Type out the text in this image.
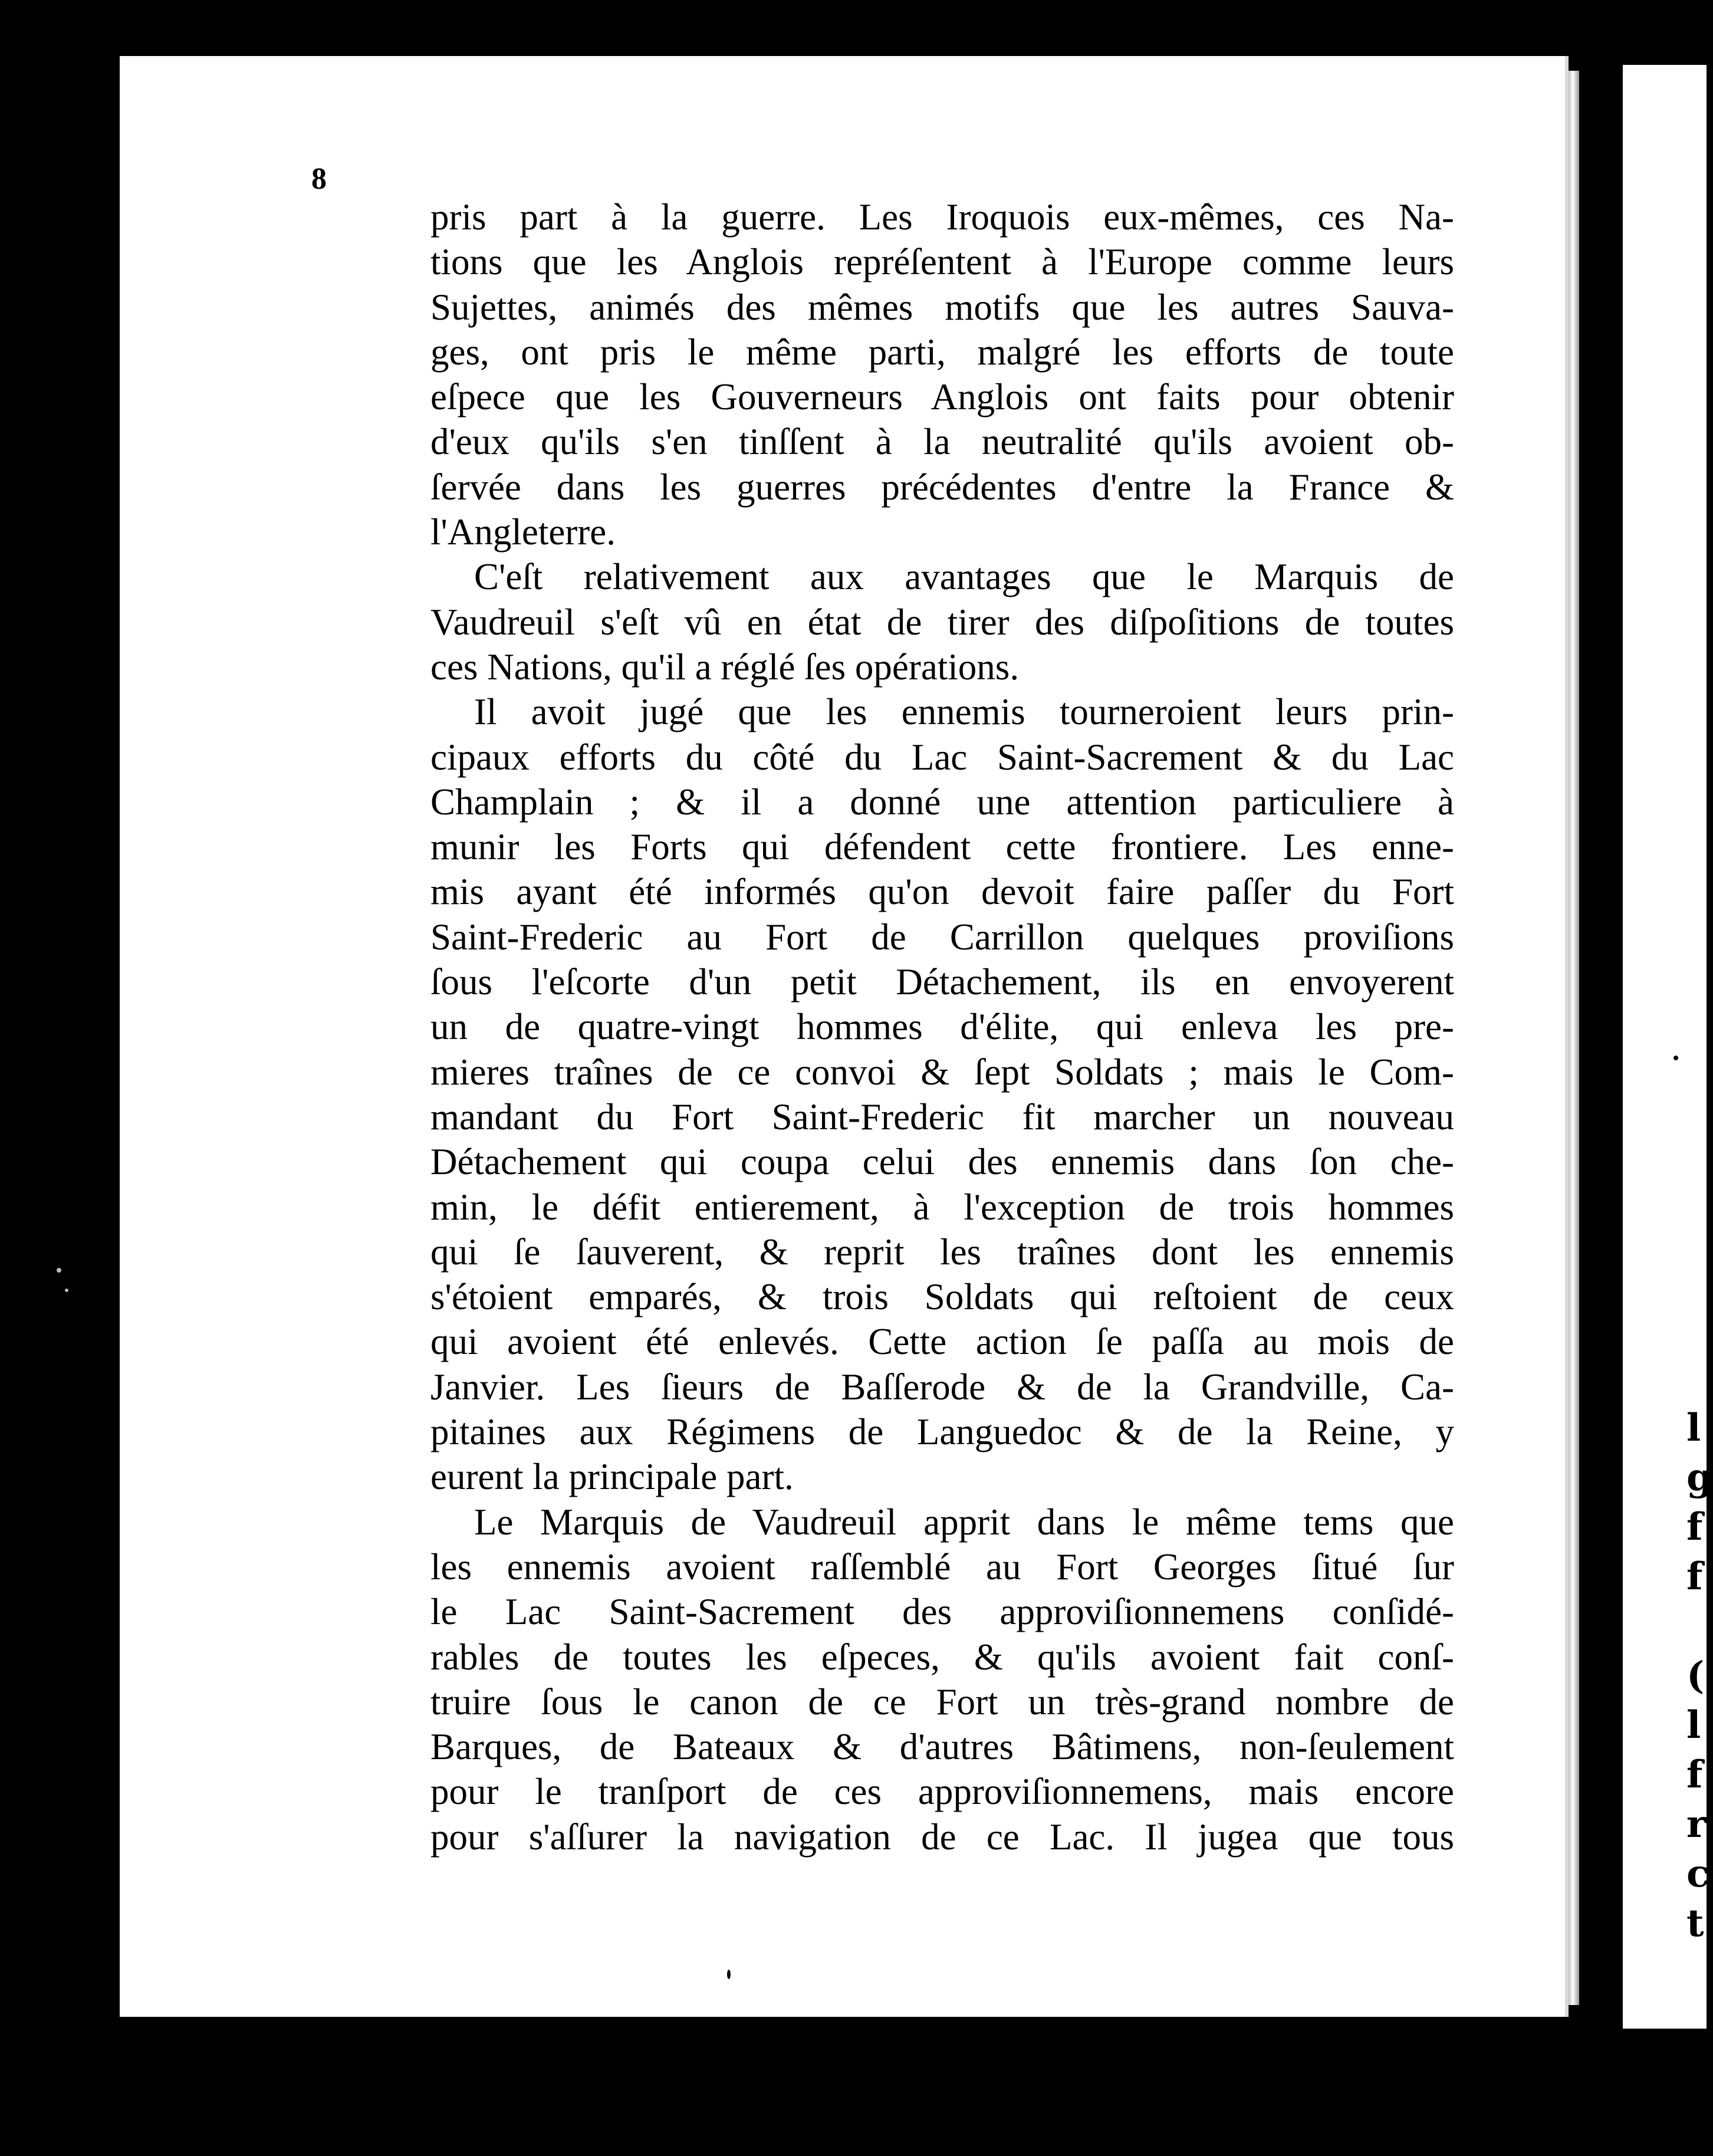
l
g
f
f

(
l
f
r
c
t
8
pris part à la guerre. Les Iroquois eux-mêmes, ces Na-
tions que les Anglois repréſentent à l'Europe comme leurs
Sujettes, animés des mêmes motifs que les autres Sauva-
ges, ont pris le même parti, malgré les efforts de toute
eſpece que les Gouverneurs Anglois ont faits pour obtenir
d'eux qu'ils s'en tinſſent à la neutralité qu'ils avoient ob-
ſervée dans les guerres précédentes d'entre la France &
l'Angleterre.
C'eſt relativement aux avantages que le Marquis de
Vaudreuil s'eſt vû en état de tirer des diſpoſitions de toutes
ces Nations, qu'il a réglé ſes opérations.
Il avoit jugé que les ennemis tourneroient leurs prin-
cipaux efforts du côté du Lac Saint-Sacrement & du Lac
Champlain ; & il a donné une attention particuliere à
munir les Forts qui défendent cette frontiere. Les enne-
mis ayant été informés qu'on devoit faire paſſer du Fort
Saint-Frederic au Fort de Carrillon quelques proviſions
ſous l'eſcorte d'un petit Détachement, ils en envoyerent
un de quatre-vingt hommes d'élite, qui enleva les pre-
mieres traînes de ce convoi & ſept Soldats ; mais le Com-
mandant du Fort Saint-Frederic fit marcher un nouveau
Détachement qui coupa celui des ennemis dans ſon che-
min, le défit entierement, à l'exception de trois hommes
qui ſe ſauverent, & reprit les traînes dont les ennemis
s'étoient emparés, & trois Soldats qui reſtoient de ceux
qui avoient été enlevés. Cette action ſe paſſa au mois de
Janvier. Les ſieurs de Baſſerode & de la Grandville, Ca-
pitaines aux Régimens de Languedoc & de la Reine, y
eurent la principale part.
Le Marquis de Vaudreuil apprit dans le même tems que
les ennemis avoient raſſemblé au Fort Georges ſitué ſur
le Lac Saint-Sacrement des approviſionnemens conſidé-
rables de toutes les eſpeces, & qu'ils avoient fait conſ-
truire ſous le canon de ce Fort un très-grand nombre de
Barques, de Bateaux & d'autres Bâtimens, non-ſeulement
pour le tranſport de ces approviſionnemens, mais encore
pour s'aſſurer la navigation de ce Lac. Il jugea que tous
